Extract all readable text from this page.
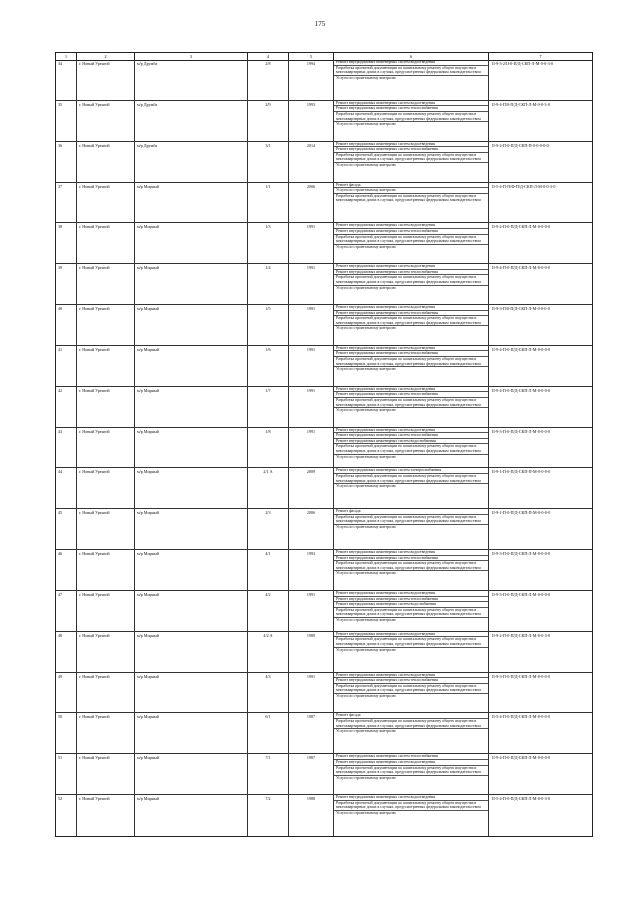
175
1	2	3	4	5	6	7
34	г. Новый Уренгой	м/р Дружба	2/8	1994	Ремонт внутридомовых инженерных систем водоотведения
Разработка проектной документации по капитальному ремонту общего имущества в многоквартирных домах в случаях, предусмотренных федеральным законодательством
Услуги по строительному контролю
II-9-3-2/II-0-П/Д-СКП-Л-М-0-0-3-0
35	г. Новый Уренгой	м/р Дружба	2/9	1993	Ремонт внутридомовых инженерных систем водоотведения
Ремонт внутридомовых инженерных систем теплоснабжения
Разработка проектной документации по капитальному ремонту общего имущества в многоквартирных домах в случаях, предусмотренных федеральным законодательством
Услуги по строительному контролю
II-9-4-П/0-П/Д-СКП-Л-М-0-0-3-0
36	г. Новый Уренгой	м/р Дружба	3/1	2014	Ремонт внутридомовых инженерных систем водоотведения
Ремонт внутридомовых инженерных систем теплоснабжения
Разработка проектной документации по капитальному ремонту общего имущества в многоквартирных домах в случаях, предусмотренных федеральным законодательством
Услуги по строительному контролю
II-9-2-П-0-П/Д-СКП-П-0-0-0-0-0
37	г. Новый Уренгой	м/р Мирный	1/1	2006	Ремонт фасада
Услуги по строительному контролю
Разработка проектной документации по капитальному ремонту общего имущества в многоквартирных домах в случаях, предусмотренных федеральным законодательством
II-5-4-П-П/Ф-П/Д-СКП-Л-М-0-0-3-0
38	г. Новый Уренгой	м/р Мирный	1/3	1991	Ремонт внутридомовых инженерных систем водоотведения
Ремонт внутридомовых инженерных систем теплоснабжения
Разработка проектной документации по капитальному ремонту общего имущества в многоквартирных домах в случаях, предусмотренных федеральным законодательством
Услуги по строительному контролю
II-9-2-П-0-П/Д-СКП-Л-М-0-0-0-0
39	г. Новый Уренгой	м/р Мирный	1/4	1991	Ремонт внутридомовых инженерных систем водоотведения
Ремонт внутридомовых инженерных систем теплоснабжения
Разработка проектной документации по капитальному ремонту общего имущества в многоквартирных домах в случаях, предусмотренных федеральным законодательством
Услуги по строительному контролю
II-9-4-П-0-П/Д-СКП-Л-М-0-0-0-0
40	г. Новый Уренгой	м/р Мирный	1/5	1991	Ремонт внутридомовых инженерных систем водоотведения
Ремонт внутридомовых инженерных систем теплоснабжения
Разработка проектной документации по капитальному ремонту общего имущества в многоквартирных домах в случаях, предусмотренных федеральным законодательством
Услуги по строительному контролю
II-9-3-П/0-П/Д-СКП-Л-М-0-0-0-0
41	г. Новый Уренгой	м/р Мирный	1/6	1991	Ремонт внутридомовых инженерных систем водоотведения
Ремонт внутридомовых инженерных систем теплоснабжения
Разработка проектной документации по капитальному ремонту общего имущества в многоквартирных домах в случаях, предусмотренных федеральным законодательством
Услуги по строительному контролю
II-9-4-П-0-П/Д-СКП-Л-М-0-0-0-0
42	г. Новый Уренгой	м/р Мирный	1/7	1991	Ремонт внутридомовых инженерных систем водоотведения
Ремонт внутридомовых инженерных систем теплоснабжения
Разработка проектной документации по капитальному ремонту общего имущества в многоквартирных домах в случаях, предусмотренных федеральным законодательством
Услуги по строительному контролю
II-9-4-П-0-П/Д-СКП-Л-М-0-0-0-0
43	г. Новый Уренгой	м/р Мирный	1/8	1991	Ремонт внутридомовых инженерных систем водоотведения
Ремонт внутридомовых инженерных систем теплоснабжения
Ремонт внутридомовых инженерных систем водоснабжения
Разработка проектной документации по капитальному ремонту общего имущества в многоквартирных домах в случаях, предусмотренных федеральным законодательством
Услуги по строительному контролю
II-9-3-П-0-П/Д-СКП-Л-М-0-0-0-0
44	г. Новый Уренгой	м/р Мирный	2/1 А	2009	Ремонт внутридомовых инженерных систем электроснабжения
Разработка проектной документации по капитальному ремонту общего имущества в многоквартирных домах в случаях, предусмотренных федеральным законодательством
Услуги по строительному контролю
II-9-1-П-0-П/Д-СКП-П-М-0-0-0-0
45	г. Новый Уренгой	м/р Мирный	2/3	2006	Ремонт фасада
Разработка проектной документации по капитальному ремонту общего имущества в многоквартирных домах в случаях, предусмотренных федеральным законодательством
Услуги по строительному контролю
II-9-1-П-0-П/Д-СКП-П-М-0-0-0-0
46	г. Новый Уренгой	м/р Мирный	4/1	1993	Ремонт внутридомовых инженерных систем водоотведения
Ремонт внутридомовых инженерных систем теплоснабжения
Разработка проектной документации по капитальному ремонту общего имущества в многоквартирных домах в случаях, предусмотренных федеральным законодательством
Услуги по строительному контролю
II-9-3-П-0-П/Д-СКП-Л-М-0-0-0-0
47	г. Новый Уренгой	м/р Мирный	4/2	1991	Ремонт внутридомовых инженерных систем водоотведения
Ремонт внутридомовых инженерных систем теплоснабжения
Ремонт внутридомовых инженерных систем водоснабжения
Разработка проектной документации по капитальному ремонту общего имущества в многоквартирных домах в случаях, предусмотренных федеральным законодательством
Услуги по строительному контролю
II-9-3-П-0-П/Д-СКП-Л-М-0-0-0-0
48	г. Новый Уренгой	м/р Мирный	4/2 А	1989	Ремонт внутридомовых инженерных систем водоотведения
Разработка проектной документации по капитальному ремонту общего имущества в многоквартирных домах в случаях, предусмотренных федеральным законодательством
Услуги по строительному контролю
II-9-2-П-0-П/Д-СКП-Л-М-0-0-3-0
49	г. Новый Уренгой	м/р Мирный	4/3	1991	Ремонт внутридомовых инженерных систем водоотведения
Ремонт внутридомовых инженерных систем теплоснабжения
Разработка проектной документации по капитальному ремонту общего имущества в многоквартирных домах в случаях, предусмотренных федеральным законодательством
Услуги по строительному контролю
II-9-3-П-0-П/Д-СКП-Л-М-0-0-0-0
50	г. Новый Уренгой	м/р Мирный	6/1	1987	Ремонт фасада
Разработка проектной документации по капитальному ремонту общего имущества в многоквартирных домах в случаях, предусмотренных федеральным законодательством
Услуги по строительному контролю
II-5-4-П-0-П/Д-СКП-Л-М-0-0-0-0
51	г. Новый Уренгой	м/р Мирный	7/1	1987	Ремонт внутридомовых инженерных систем теплоснабжения
Ремонт внутридомовых инженерных систем водоотведения
Разработка проектной документации по капитальному ремонту общего имущества в многоквартирных домах в случаях, предусмотренных федеральным законодательством
Услуги по строительному контролю
II-9-4-П-0-П/Д-СКП-Л-М-0-0-0-0
52	г. Новый Уренгой	м/р Мирный	7/2	1988	Ремонт внутридомовых инженерных систем водоотведения
Разработка проектной документации по капитальному ремонту общего имущества в многоквартирных домах в случаях, предусмотренных федеральным законодательством
Услуги по строительному контролю
II-5-4-П-0-П/Д-СКП-Л-М-0-0-3-0
